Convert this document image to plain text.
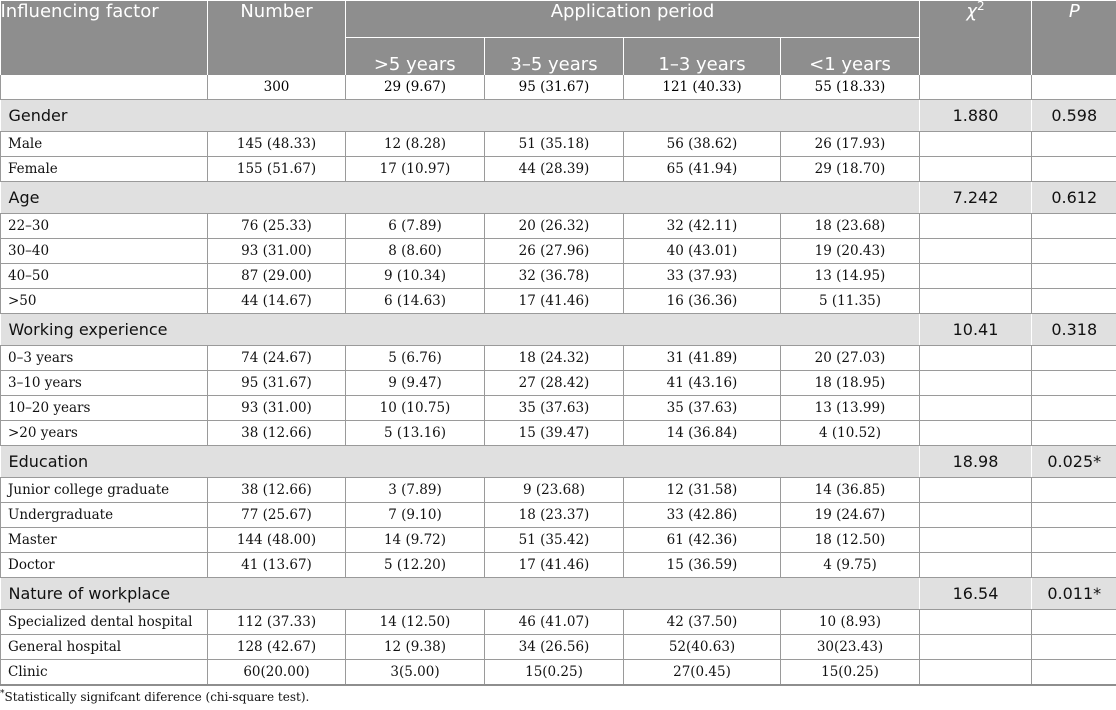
Influencing factor	Number	Application period				$\chi^2$	P
		>5 years	3–5 years	1–3 years	<1 years		
	300	29 (9.67)	95 (31.67)	121 (40.33)	55 (18.33)		
Gender						1.880	0.598
Male	145 (48.33)	12 (8.28)	51 (35.18)	56 (38.62)	26 (17.93)		
Female	155 (51.67)	17 (10.97)	44 (28.39)	65 (41.94)	29 (18.70)		
Age						7.242	0.612
22–30	76 (25.33)	6 (7.89)	20 (26.32)	32 (42.11)	18 (23.68)		
30–40	93 (31.00)	8 (8.60)	26 (27.96)	40 (43.01)	19 (20.43)		
40–50	87 (29.00)	9 (10.34)	32 (36.78)	33 (37.93)	13 (14.95)		
>50	44 (14.67)	6 (14.63)	17 (41.46)	16 (36.36)	5 (11.35)		
Working experience						10.41	0.318
0–3 years	74 (24.67)	5 (6.76)	18 (24.32)	31 (41.89)	20 (27.03)		
3–10 years	95 (31.67)	9 (9.47)	27 (28.42)	41 (43.16)	18 (18.95)		
10–20 years	93 (31.00)	10 (10.75)	35 (37.63)	35 (37.63)	13 (13.99)		
>20 years	38 (12.66)	5 (13.16)	15 (39.47)	14 (36.84)	4 (10.52)		
Education						18.98	0.025*
Junior college graduate	38 (12.66)	3 (7.89)	9 (23.68)	12 (31.58)	14 (36.85)		
Undergraduate	77 (25.67)	7 (9.10)	18 (23.37)	33 (42.86)	19 (24.67)		
Master	144 (48.00)	14 (9.72)	51 (35.42)	61 (42.36)	18 (12.50)		
Doctor	41 (13.67)	5 (12.20)	17 (41.46)	15 (36.59)	4 (9.75)		
Nature of workplace						16.54	0.011*
Specialized dental hospital	112 (37.33)	14 (12.50)	46 (41.07)	42 (37.50)	10 (8.93)		
General hospital	128 (42.67)	12 (9.38)	34 (26.56)	52(40.63)	30(23.43)		
Clinic	60(20.00)	3(5.00)	15(0.25)	27(0.45)	15(0.25)		
*Statistically signifcant diference (chi-square test).
